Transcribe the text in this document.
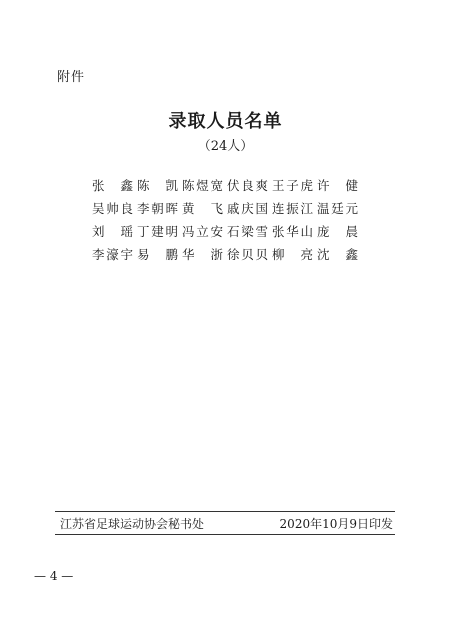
附件
录取人员名单
（24人）
张　鑫 陈　凯 陈煜宽 伏良爽 王子虎 许　健
吴帅良 李朝晖 黄　飞 戚庆国 连振江 温廷元
刘　瑶 丁建明 冯立安 石梁雪 张华山 庞　晨
李濠宇 易　鹏 华　浙 徐贝贝 柳　亮 沈　鑫
江苏省足球运动协会秘书处	2020年10月9日印发
— 4 —
